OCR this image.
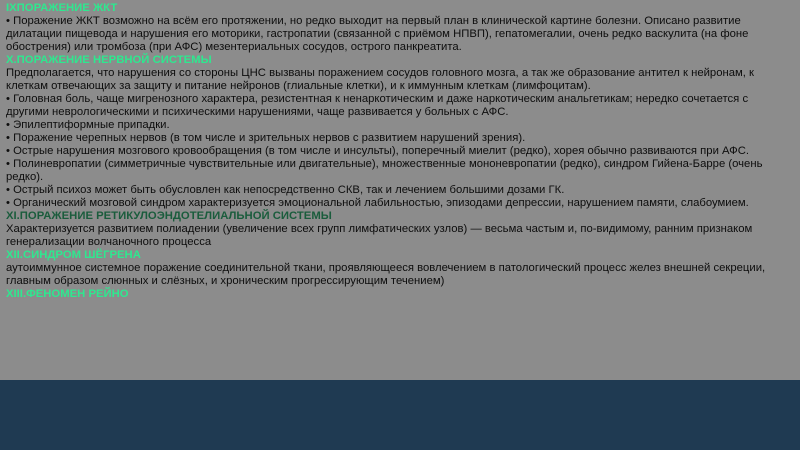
IXПОРАЖЕНИЕ ЖКТ

• Поражение ЖКТ возможно на всём его протяжении, но редко выходит на первый план в клинической картине болезни. Описано развитие дилатации пищевода и нарушения его моторики, гастропатии (связанной с приёмом НПВП), гепатомегалии, очень редко васкулита (на фоне обострения) или тромбоза (при АФС) мезентериальных сосудов, острого панкреатита.

X.ПОРАЖЕНИЕ НЕРВНОЙ СИСТЕМЫ

Предполагается, что нарушения со стороны ЦНС вызваны поражением сосудов головного мозга, а так же образование антител к нейронам, к клеткам отвечающих за защиту и питание нейронов (глиальные клетки), и к иммунным клеткам (лимфоцитам).

• Головная боль, чаще мигренозного характера, резистентная к ненаркотическим и даже наркотическим анальгетикам; нередко сочетается с другими неврологическими и психическими нарушениями, чаще развивается у больных с АФС.

• Эпилептиформные припадки.

• Поражение черепных нервов (в том числе и зрительных нервов с развитием нарушений зрения).

• Острые нарушения мозгового кровообращения (в том числе и инсульты), поперечный миелит (редко), хорея обычно развиваются при АФС.

• Полиневропатии (симметричные чувствительные или двигательные), множественные мононевропатии (редко), синдром Гийена-Барре (очень редко).

• Острый психоз может быть обусловлен как непосредственно СКВ, так и лечением большими дозами ГК.

• Органический мозговой синдром характеризуется эмоциональной лабильностью, эпизодами депрессии, нарушением памяти, слабоумием.

XI.ПОРАЖЕНИЕ РЕТИКУЛОЭНДОТЕЛИАЛЬНОЙ СИСТЕМЫ

Характеризуется развитием полиадении (увеличение всех групп лимфатических узлов) — весьма частым и, по-видимому, ранним признаком генерализации волчаночного процесса

XII.СИНДРОМ ШЁГРЕНА

аутоиммунное системное поражение соединительной ткани, проявляющееся вовлечением в патологический процесс желез внешней секреции, главным образом слюнных и слёзных, и хроническим прогрессирующим течением)

XIII.ФЕНОМЕН РЕЙНО
